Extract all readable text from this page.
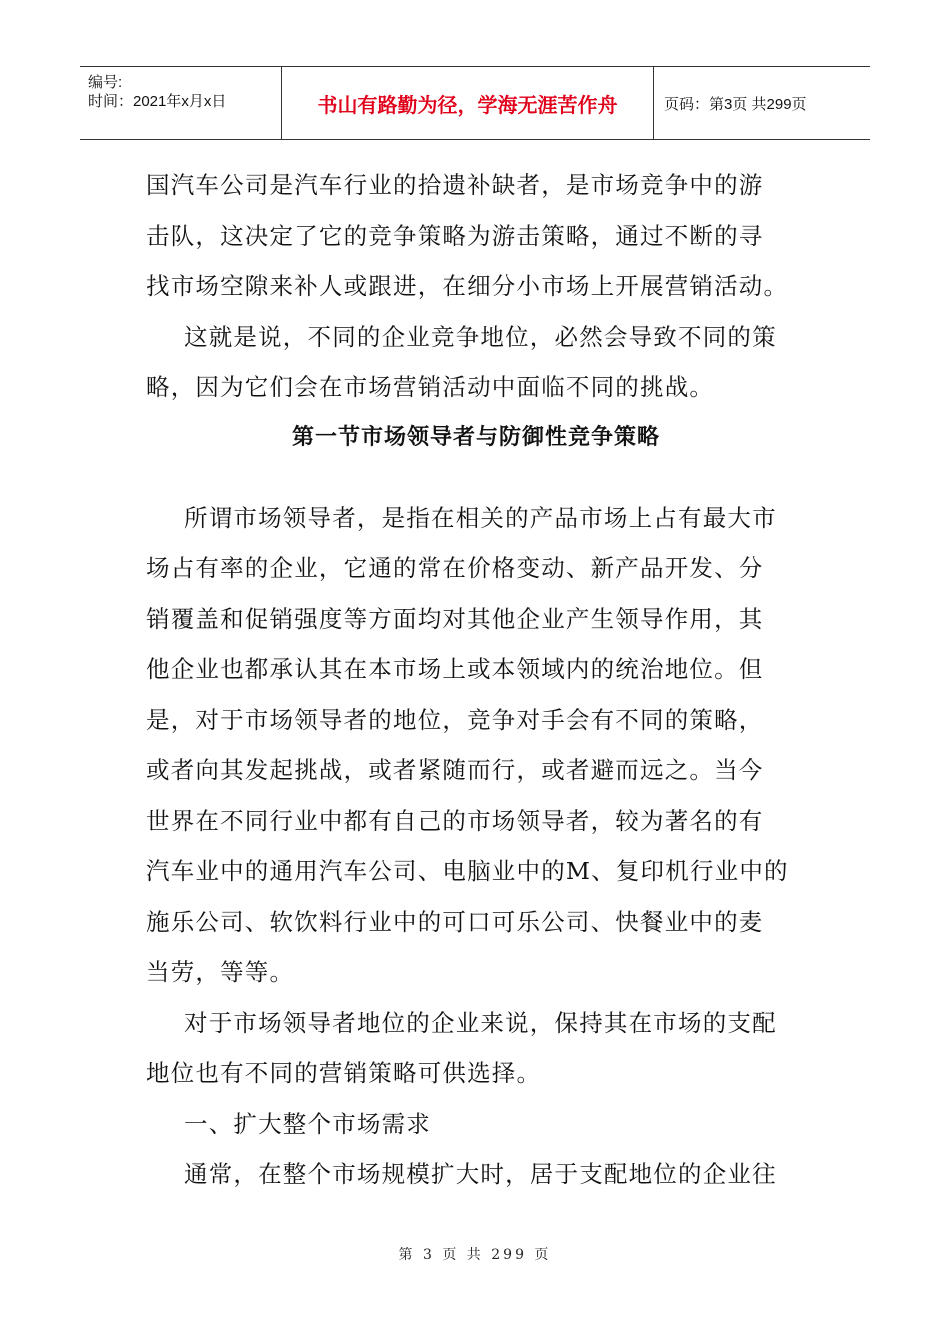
编号:
时间：2021年x月x日	书山有路勤为径，学海无涯苦作舟	页码：第3页 共299页

国汽车公司是汽车行业的拾遗补缺者，是市场竞争中的游
击队，这决定了它的竞争策略为游击策略，通过不断的寻
找市场空隙来补人或跟进，在细分小市场上开展营销活动。

这就是说，不同的企业竞争地位，必然会导致不同的策
略，因为它们会在市场营销活动中面临不同的挑战。

第一节市场领导者与防御性竞争策略

所谓市场领导者，是指在相关的产品市场上占有最大市
场占有率的企业，它通的常在价格变动、新产品开发、分
销覆盖和促销强度等方面均对其他企业产生领导作用，其
他企业也都承认其在本市场上或本领域内的统治地位。但
是，对于市场领导者的地位，竞争对手会有不同的策略，
或者向其发起挑战，或者紧随而行，或者避而远之。当今
世界在不同行业中都有自己的市场领导者，较为著名的有
汽车业中的通用汽车公司、电脑业中的M、复印机行业中的
施乐公司、软饮料行业中的可口可乐公司、快餐业中的麦
当劳，等等。

对于市场领导者地位的企业来说，保持其在市场的支配
地位也有不同的营销策略可供选择。

一、扩大整个市场需求

通常，在整个市场规模扩大时，居于支配地位的企业往

第 3 页 共 299 页
